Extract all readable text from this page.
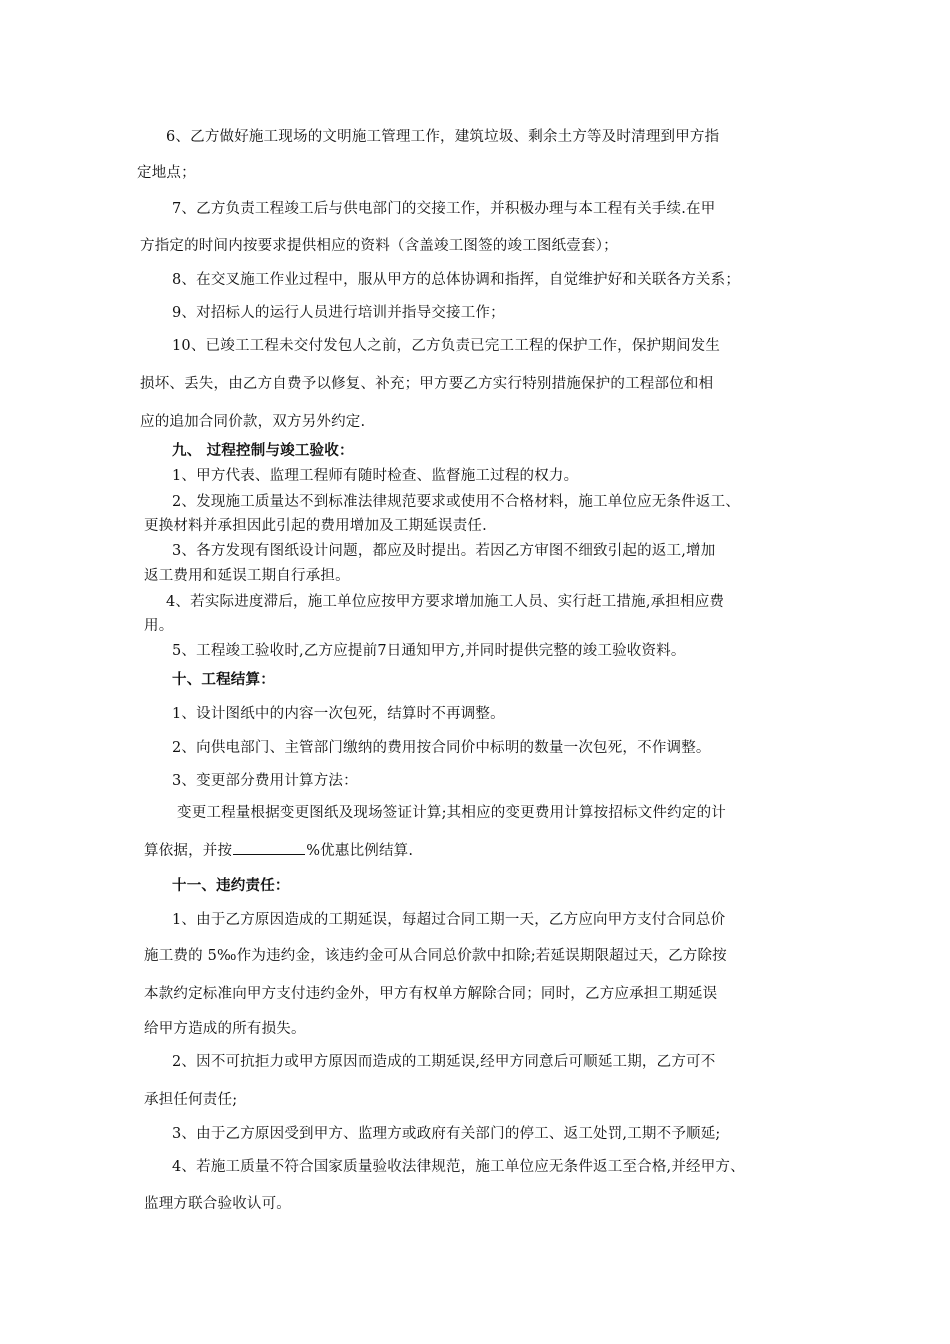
6、乙方做好施工现场的文明施工管理工作，建筑垃圾、剩余土方等及时清理到甲方指
定地点；
7、乙方负责工程竣工后与供电部门的交接工作，并积极办理与本工程有关手续.在甲
方指定的时间内按要求提供相应的资料（含盖竣工图签的竣工图纸壹套）；
8、在交叉施工作业过程中，服从甲方的总体协调和指挥，自觉维护好和关联各方关系；
9、对招标人的运行人员进行培训并指导交接工作；
10、已竣工工程未交付发包人之前，乙方负责已完工工程的保护工作，保护期间发生
损坏、丢失，由乙方自费予以修复、补充；甲方要乙方实行特别措施保护的工程部位和相
应的追加合同价款，双方另外约定.
九、 过程控制与竣工验收：
1、甲方代表、监理工程师有随时检查、监督施工过程的权力。
2、发现施工质量达不到标准法律规范要求或使用不合格材料，施工单位应无条件返工、
更换材料并承担因此引起的费用增加及工期延误责任.
3、各方发现有图纸设计问题，都应及时提出。若因乙方审图不细致引起的返工,增加
返工费用和延误工期自行承担。
4、若实际进度滞后，施工单位应按甲方要求增加施工人员、实行赶工措施,承担相应费
用。
5、工程竣工验收时,乙方应提前7日通知甲方,并同时提供完整的竣工验收资料。
十、工程结算：
1、设计图纸中的内容一次包死，结算时不再调整。
2、向供电部门、主管部门缴纳的费用按合同价中标明的数量一次包死，不作调整。
3、变更部分费用计算方法：
变更工程量根据变更图纸及现场签证计算;其相应的变更费用计算按招标文件约定的计
算依据，并按	%优惠比例结算.
十一、违约责任：
1、由于乙方原因造成的工期延误，每超过合同工期一天，乙方应向甲方支付合同总价
施工费的 5‰作为违约金，该违约金可从合同总价款中扣除;若延误期限超过天，乙方除按
本款约定标准向甲方支付违约金外，甲方有权单方解除合同；同时，乙方应承担工期延误
给甲方造成的所有损失。
2、因不可抗拒力或甲方原因而造成的工期延误,经甲方同意后可顺延工期，乙方可不
承担任何责任;
3、由于乙方原因受到甲方、监理方或政府有关部门的停工、返工处罚,工期不予顺延;
4、若施工质量不符合国家质量验收法律规范，施工单位应无条件返工至合格,并经甲方、
监理方联合验收认可。
